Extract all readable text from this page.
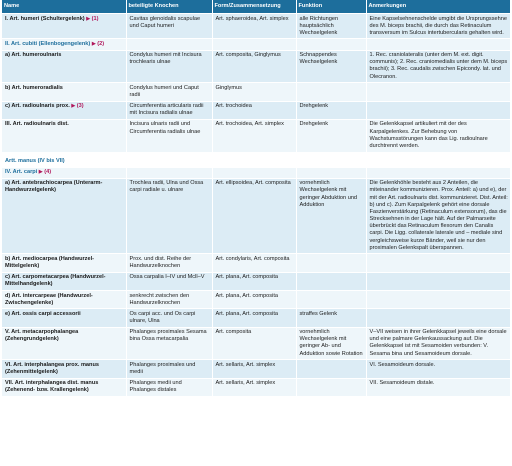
Name	beteiligte Knochen	Form/Zusammensetzung	Funktion	Anmerkungen
I. Art. humeri (Schultergelenk) ▶ (1)	Cavitas glenoidalis scapulae und Caput humeri	Art. sphaeroidea, Art. simplex	alle Richtungen hauptsächlich Wechselgelenk	Eine Kapselsehnenschelde umgibt die Ursprungssehne des M. biceps brachii, die durch das Retinaculum transversum im Sulcus intertubercularis gehalten wird.
II. Art. cubiti (Ellenbogengelenk) ▶ (2)				
a) Art. humeroulnaris	Condylus humeri mit Incisura trochlearis ulnae	Art. composita, Ginglymus	Schnappendes Wechselgelenk	1. Rec. craniolateralis (unter dem M. ext. digit. communis); 2. Rec. craniomedialis unter dem M. biceps brachii); 3. Rec. caudalis zwischen Epicondy. lat. und Olecranon.
b) Art. humeroradialis	Condylus humeri und Caput radii	Ginglymus		
c) Art. radioulnaris prox. ▶ (3)	Circumferentia articularis radii mit Incisura radialis ulnae	Art. trochoidea	Drehgelenk	
III. Art. radioulnaris dist.	Incisura ulnaris radii und Circumferentia radialis ulnae	Art. trochoidea, Art. simplex	Drehgelenk	Die Gelenkkapsel artikuliert mit der des Karpalgelenkes. Zur Behebung von Wachstumsstörungen kann das Lig. radioulnare durchtrennt werden.
Artt. manus (IV bis VII)				
IV. Art. carpi ▶ (4)				
a) Art. antebrachiocarpea (Unterarm-Handwurzelgelenk)	Trochlea radii, Ulna und Ossa carpi radiale u. ulnare	Art. ellipsoidea, Art. composita	vornehmlich Wechselgelenk mit geringer Abduktion und Adduktion	Die Gelenkhöhle besteht aus 2 Anteilen, die miteinander kommunizieren. Prox. Anteil: a) und e), der mit der Art. radioulnaris dist. kommunizieret. Dist. Anteil: b) und c). Zum Karpalgelenk gehört eine dorsale Faszienverstärkung (Retinaculum extensorum), das die Strecksehnen in der Lage hält. Auf der Palmarseite überbrückt das Retinaculum flexorum den Canalis carpi. Die Ligg. collaterale laterale und – mediale sind vergleichsweise kurze Bänder, weil sie nur den proximalen Gelenkspalt überspannen.
b) Art. mediocarpea (Handwurzel-Mittelgelenk)	Prox. und dist. Reihe der Handwurzelknochen	Art. condylaris, Art. composita		
c) Art. carpometacarpea (Handwurzel-Mittelhandgelenk)	Ossa carpalia I–IV und Mcll–V	Art. plana, Art. composita		
d) Art. intercarpeae (Handwurzel-Zwischengelenke)	senkrecht zwischen den Handwurzelknochen	Art. plana, Art. composita		
e) Art. ossis carpi accessorii	Os carpi acc. und Os carpi ulnare, Ulna	Art. plana, Art. composita	straffes Gelenk	
V. Art. metacarpophalangea (Zehengrundgelenk)	Phalanges proximales Sesama bina Ossa metacarpalia	Art. composita	vornehmlich Wechselgelenk mit geringer Ab- und Adduktion sowie Rotation	V–VII weisen in ihrer Gelenkkapsel jeweils eine dorsale und eine palmare Gelenkaussackung auf. Die Gelenkkapsel ist mit Sesamoiden verbunden: V. Sesama bina und Sesamoideum dorsale.
VI. Art. interphalangea prox. manus (Zehenmittelgelenk)	Phalanges proximales und medii	Art. sellaris, Art. simplex		VI. Sesamoideum dorsale.
VII. Art. interphalangea dist. manus (Zehenend- bzw. Krallengelenk)	Phalanges medii und Phalanges distales	Art. sellaris, Art. simplex		VII. Sesamoideum distale.
